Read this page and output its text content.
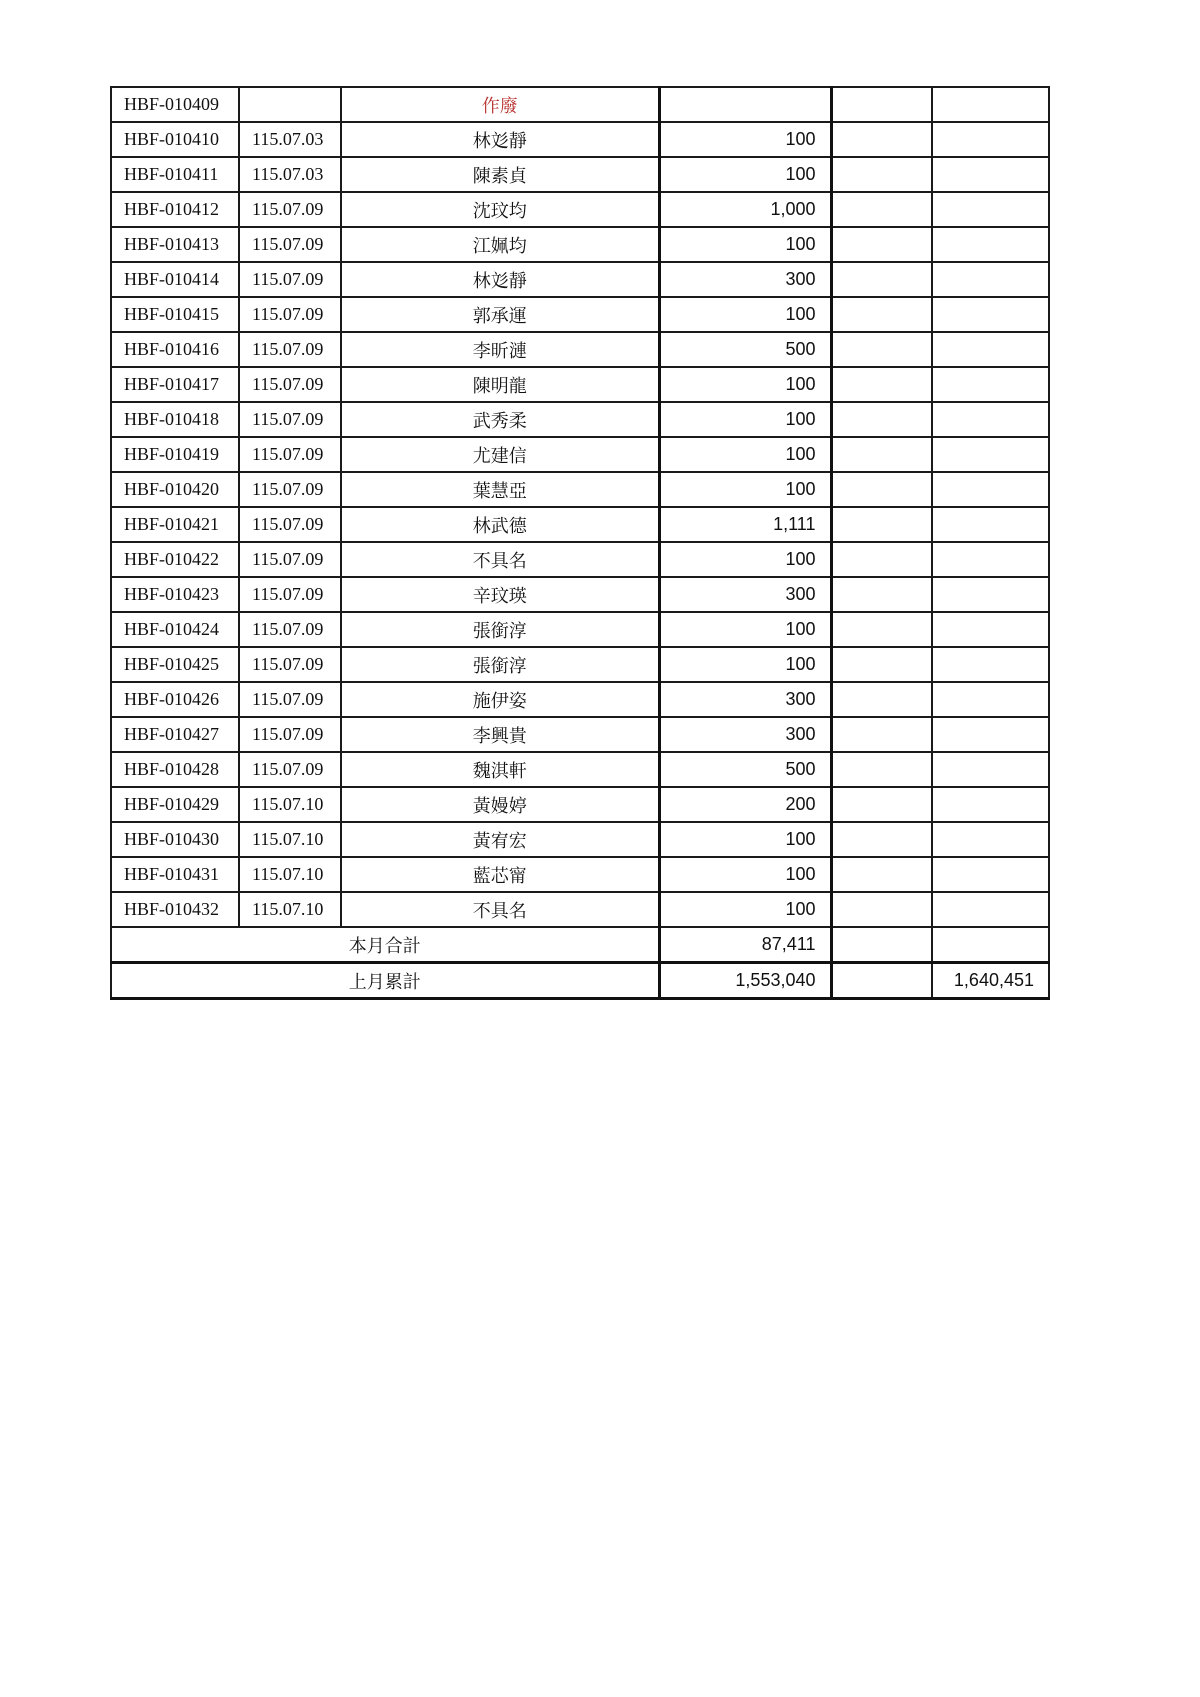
HBF-010409		作廢			
HBF-010410	115.07.03	林彣靜	100		
HBF-010411	115.07.03	陳素貞	100		
HBF-010412	115.07.09	沈玟均	1,000		
HBF-010413	115.07.09	江姵均	100		
HBF-010414	115.07.09	林彣靜	300		
HBF-010415	115.07.09	郭承運	100		
HBF-010416	115.07.09	李昕漣	500		
HBF-010417	115.07.09	陳明龍	100		
HBF-010418	115.07.09	武秀柔	100		
HBF-010419	115.07.09	尤建信	100		
HBF-010420	115.07.09	葉慧亞	100		
HBF-010421	115.07.09	林武德	1,111		
HBF-010422	115.07.09	不具名	100		
HBF-010423	115.07.09	辛玟瑛	300		
HBF-010424	115.07.09	張銜淳	100		
HBF-010425	115.07.09	張銜淳	100		
HBF-010426	115.07.09	施伊姿	300		
HBF-010427	115.07.09	李興貴	300		
HBF-010428	115.07.09	魏淇軒	500		
HBF-010429	115.07.10	黃嫚婷	200		
HBF-010430	115.07.10	黃宥宏	100		
HBF-010431	115.07.10	藍芯甯	100		
HBF-010432	115.07.10	不具名	100		
本月合計			87,411		
上月累計			1,553,040		1,640,451
